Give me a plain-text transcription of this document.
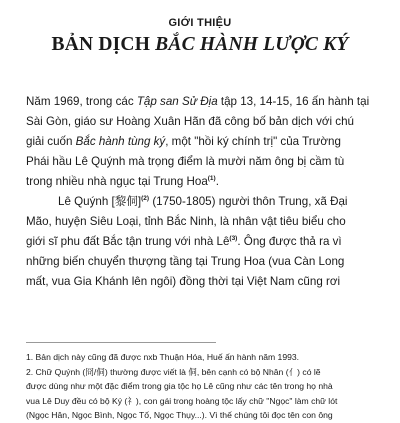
GIỚI THIỆU
BẢN DỊCH BẮC HÀNH LƯỢC KÝ
Năm 1969, trong các Tập san Sử Địa tập 13, 14-15, 16 ấn hành tại
Sài Gòn, giáo sư Hoàng Xuân Hãn đã công bố bản dịch với chú
giải cuốn Bắc hành tùng ký, một "hồi ký chính trị" của Trường
Phái hầu Lê Quýnh mà trọng điểm là mười năm ông bị cầm tù
trong nhiều nhà ngục tại Trung Hoa$^{(1)}$.
Lê Quýnh [黎侗]$^{(2)}$ (1750-1805) người thôn Trung, xã Đại
Mão, huyện Siêu Loại, tỉnh Bắc Ninh, là nhân vật tiêu biểu cho
giới sĩ phu đất Bắc tận trung với nhà $Lê^{(3)}$. Ông được thả ra vì
những biến chuyển thượng tầng tại Trung Hoa (vua Càn Long
mất, vua Gia Khánh lên ngôi) đồng thời tại Việt Nam cũng rơi
1. Bản dịch này cũng đã được nxb Thuận Hóa, Huế ấn hành năm 1993.
2. Chữ Quýnh (冏/侗) thường được viết là 侗, bên cạnh có bộ Nhân (亻) có lẽ
được dùng như một đặc điểm trong gia tộc họ Lê cũng như các tên trong họ nhà
vua Lê Duy đều có bộ Ký (礻), con gái trong hoàng tộc lấy chữ "Ngọc" làm chữ lót
(Ngọc Hân, Ngọc Bình, Ngọc Tố, Ngọc Thụy...). Vì thế chúng tôi đọc tên con ông
